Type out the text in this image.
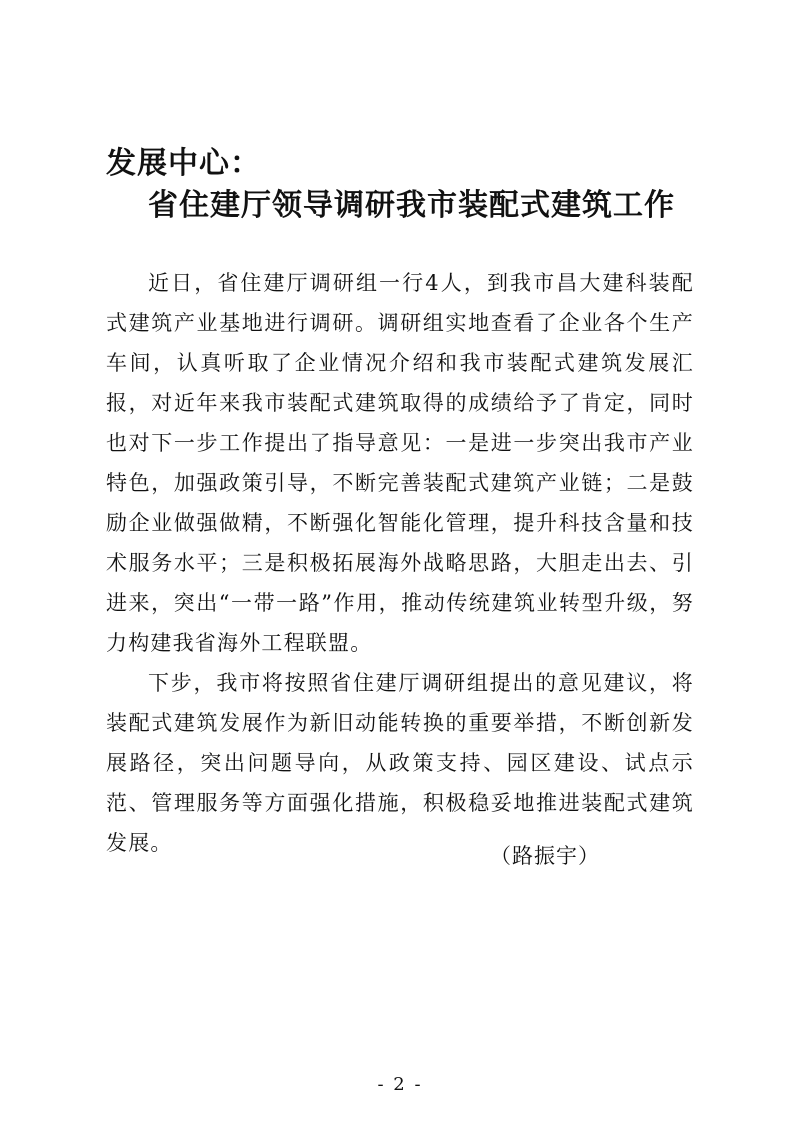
发展中心：
省住建厅领导调研我市装配式建筑工作

近日，省住建厅调研组一行4人，到我市昌大建科装配式建筑产业基地进行调研。调研组实地查看了企业各个生产车间，认真听取了企业情况介绍和我市装配式建筑发展汇报，对近年来我市装配式建筑取得的成绩给予了肯定，同时也对下一步工作提出了指导意见：一是进一步突出我市产业特色，加强政策引导，不断完善装配式建筑产业链；二是鼓励企业做强做精，不断强化智能化管理，提升科技含量和技术服务水平；三是积极拓展海外战略思路，大胆走出去、引进来，突出“一带一路”作用，推动传统建筑业转型升级，努力构建我省海外工程联盟。

下步，我市将按照省住建厅调研组提出的意见建议，将装配式建筑发展作为新旧动能转换的重要举措，不断创新发展路径，突出问题导向，从政策支持、园区建设、试点示范、管理服务等方面强化措施，积极稳妥地推进装配式建筑发展。

（路振宇）
- 2 -
